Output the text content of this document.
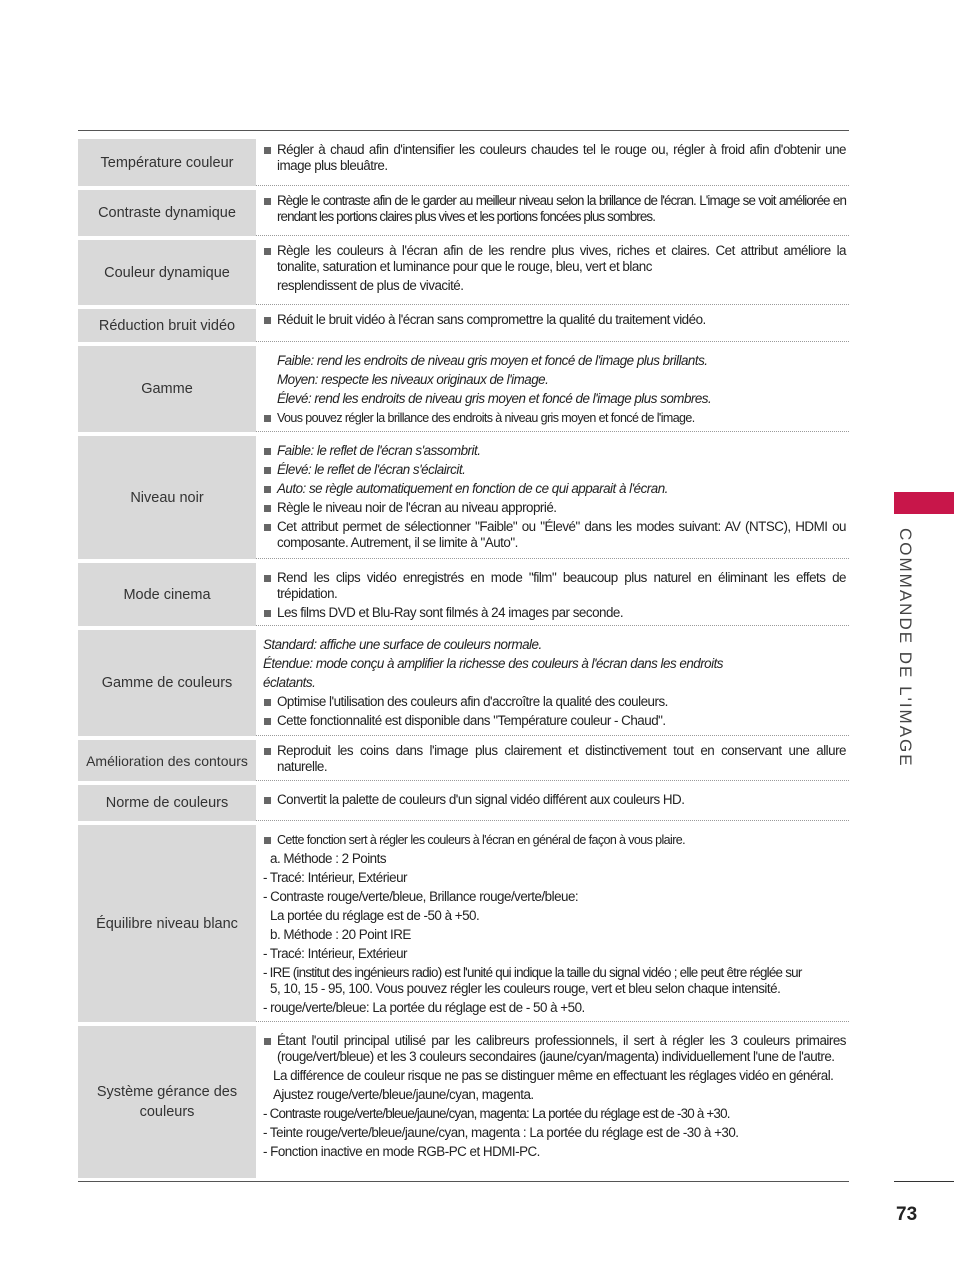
Température couleur
Régler à chaud afin d'intensifier les couleurs chaudes tel le rouge ou, régler à froid afin d'obtenir une image plus bleuâtre.
Contraste dynamique
Règle le contraste afin de le garder au meilleur niveau selon la brillance de l'écran. L'image se voit améliorée en rendant les portions claires plus vives et les portions foncées plus sombres.
Couleur dynamique
Règle les couleurs à l'écran afin de les rendre plus vives, riches et claires. Cet attribut améliore la tonalite, saturation et luminance pour que le rouge, bleu, vert et blanc
resplendissent de plus de vivacité.
Réduction bruit vidéo	Réduit le bruit vidéo à l'écran sans compromettre la qualité du traitement vidéo.
Gamme
Faible: rend les endroits de niveau gris moyen et foncé de l'image plus brillants.
Moyen: respecte les niveaux originaux de l'image.
Élevé: rend les endroits de niveau gris moyen et foncé de l'image plus sombres.
Vous pouvez régler la brillance des endroits à niveau gris moyen et foncé de l'image.
Niveau noir
Faible: le reflet de l'écran s'assombrit.
Élevé: le reflet de l'écran s'éclaircit.
Auto: se règle automatiquement en fonction de ce qui apparait à l'écran.
Règle le niveau noir de l'écran au niveau approprié.
Cet attribut permet de sélectionner "Faible" ou "Élevé" dans les modes suivant: AV (NTSC), HDMI ou composante. Autrement, il se limite à "Auto".
Mode cinema
Rend les clips vidéo enregistrés en mode "film" beaucoup plus naturel en éliminant les effets de trépidation.
Les films DVD et Blu-Ray sont filmés à 24 images par seconde.
Gamme de couleurs
Standard: affiche une surface de couleurs normale.
Étendue: mode conçu à amplifier la richesse des couleurs à l'écran dans les endroits
éclatants.
Optimise l'utilisation des couleurs afin d'accroître la qualité des couleurs.
Cette fonctionnalité est disponible dans "Température couleur - Chaud".
Amélioration des contours
Reproduit les coins dans l'image plus clairement et distinctivement tout en conservant une allure naturelle.
Norme de couleurs	Convertit la palette de couleurs d'un signal vidéo différent aux couleurs HD.
Équilibre niveau blanc
Cette fonction sert à régler les couleurs à l'écran en général de façon à vous plaire.
a. Méthode : 2 Points
- Tracé: Intérieur, Extérieur
- Contraste rouge/verte/bleue, Brillance rouge/verte/bleue:
La portée du réglage est de -50 à +50.
b. Méthode : 20 Point IRE
- Tracé: Intérieur, Extérieur
- IRE (institut des ingénieurs radio) est l'unité qui indique la taille du signal vidéo ; elle peut être réglée sur
5, 10, 15 - 95, 100. Vous pouvez régler les couleurs rouge, vert et bleu selon chaque intensité.
- rouge/verte/bleue: La portée du réglage est de - 50 à +50.
Système gérance des couleurs
Étant l'outil principal utilisé par les calibreurs professionnels, il sert à régler les 3 couleurs primaires (rouge/vert/bleue) et les 3 couleurs secondaires (jaune/cyan/magenta) individuellement l'une de l'autre.
La différence de couleur risque ne pas se distinguer même en effectuant les réglages vidéo en général.
Ajustez rouge/verte/bleue/jaune/cyan, magenta.
- Contraste rouge/verte/bleue/jaune/cyan, magenta: La portée du réglage est de -30 à +30.
- Teinte rouge/verte/bleue/jaune/cyan, magenta : La portée du réglage est de -30 à +30.
- Fonction inactive en mode RGB-PC et HDMI-PC.
COMMANDE DE L'IMAGE
73
